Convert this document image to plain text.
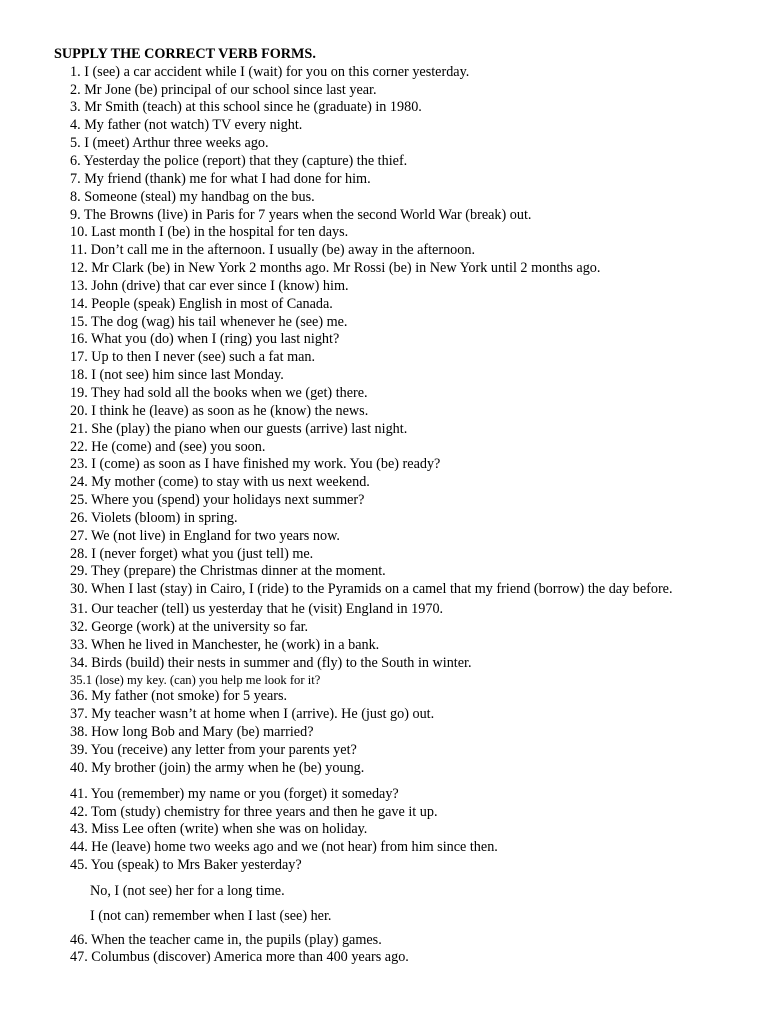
SUPPLY THE CORRECT VERB FORMS.
1. I (see) a car accident while I (wait) for you on this corner yesterday.
2. Mr Jone (be) principal of our school since last year.
3. Mr Smith (teach) at this school since he (graduate) in 1980.
4. My father (not watch) TV every night.
5. I (meet) Arthur three weeks ago.
6. Yesterday the police (report) that they (capture) the thief.
7. My friend (thank) me for what I had done for him.
8. Someone (steal) my handbag on the bus.
9. The Browns (live) in Paris for 7 years when the second World War (break) out.
10. Last month I (be) in the hospital for ten days.
11. Don’t call me in the afternoon. I usually (be) away in the afternoon.
12. Mr Clark (be) in New York 2 months ago. Mr Rossi (be) in New York until 2 months ago.
13. John (drive) that car ever since I (know) him.
14. People (speak) English in most of Canada.
15. The dog (wag) his tail whenever he (see) me.
16. What you (do) when I (ring) you last night?
17. Up to then I never (see) such a fat man.
18. I (not see) him since last Monday.
19. They had sold all the books when we (get) there.
20. I think he (leave) as soon as he (know) the news.
21. She (play) the piano when our guests (arrive) last night.
22. He (come) and (see) you soon.
23. I (come) as soon as I have finished my work. You (be) ready?
24. My mother (come) to stay with us next weekend.
25. Where you (spend) your holidays next summer?
26. Violets (bloom) in spring.
27. We (not live) in England for two years now.
28. I (never forget) what you (just tell) me.
29. They (prepare) the Christmas dinner at the moment.
30. When I last (stay) in Cairo, I (ride) to the Pyramids on a camel that my friend (borrow) the day before.
31. Our teacher (tell) us yesterday that he (visit) England in 1970.
32. George (work) at the university so far.
33. When he lived in Manchester, he (work) in a bank.
34. Birds (build) their nests in summer and (fly) to the South in winter.
35.1 (lose) my key. (can) you help me look for it?
36. My father (not smoke) for 5 years.
37. My teacher wasn’t at home when I (arrive). He (just go) out.
38. How long Bob and Mary (be) married?
39. You (receive) any letter from your parents yet?
40. My brother (join) the army when he (be) young.
41. You (remember) my name or you (forget) it someday?
42. Tom (study) chemistry for three years and then he gave it up.
43. Miss Lee often (write) when she was on holiday.
44. He (leave) home two weeks ago and we (not hear) from him since then.
45. You (speak) to Mrs Baker yesterday?
No, I (not see) her for a long time.
I (not can) remember when I last (see) her.
46. When the teacher came in, the pupils (play) games.
47. Columbus (discover) America more than 400 years ago.
